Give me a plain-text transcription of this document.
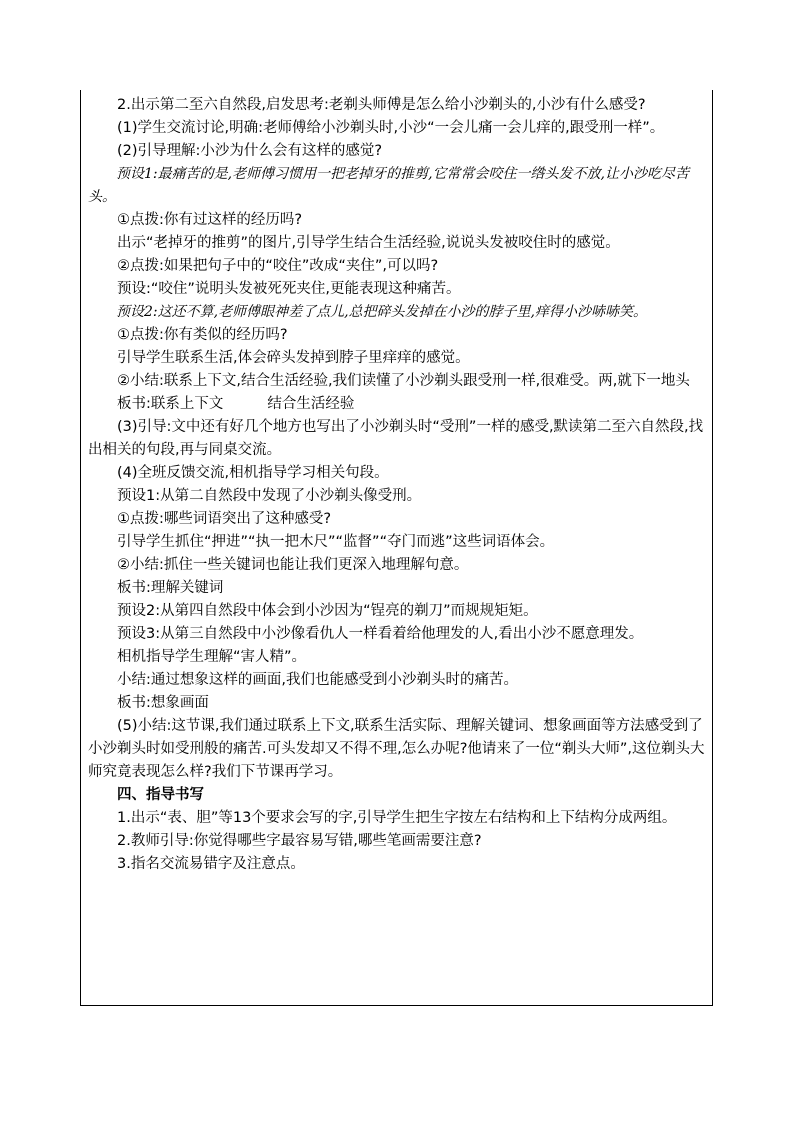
2.出示第二至六自然段,启发思考:老剃头师傅是怎么给小沙剃头的,小沙有什么感受?

(1)学生交流讨论,明确:老师傅给小沙剃头时,小沙“一会儿痛一会儿痒的,跟受刑一样”。

(2)引导理解:小沙为什么会有这样的感觉?

预设1:最痛苦的是,老师傅习惯用一把老掉牙的推剪,它常常会咬住一绺头发不放,让小沙吃尽苦头。

①点拨:你有过这样的经历吗?

出示“老掉牙的推剪”的图片,引导学生结合生活经验,说说头发被咬住时的感觉。

②点拨:如果把句子中的“咬住”改成“夹住”,可以吗?

预设:“咬住”说明头发被死死夹住,更能表现这种痛苦。

预设2:这还不算,老师傅眼神差了点儿,总把碎头发掉在小沙的脖子里,痒得小沙哧哧笑。

①点拨:你有类似的经历吗?

引导学生联系生活,体会碎头发掉到脖子里痒痒的感觉。

②小结:联系上下文,结合生活经验,我们读懂了小沙剃头跟受刑一样,很难受。两,就下一地头

板书:联系上下文	结合生活经验

(3)引导:文中还有好几个地方也写出了小沙剃头时“受刑”一样的感受,默读第二至六自然段,找出相关的句段,再与同桌交流。

(4)全班反馈交流,相机指导学习相关句段。

预设1:从第二自然段中发现了小沙剃头像受刑。

①点拨:哪些词语突出了这种感受?

引导学生抓住“押进”“执一把木尺”“监督”“夺门而逃”这些词语体会。

②小结:抓住一些关键词也能让我们更深入地理解句意。

板书:理解关键词

预设2:从第四自然段中体会到小沙因为“锃亮的剃刀”而规规矩矩。

预设3:从第三自然段中小沙像看仇人一样看着给他理发的人,看出小沙不愿意理发。

相机指导学生理解“害人精”。

小结:通过想象这样的画面,我们也能感受到小沙剃头时的痛苦。

板书:想象画面

(5)小结:这节课,我们通过联系上下文,联系生活实际、理解关键词、想象画面等方法感受到了小沙剃头时如受刑般的痛苦.可头发却又不得不理,怎么办呢?他请来了一位“剃头大师”,这位剃头大师究竟表现怎么样?我们下节课再学习。

四、指导书写

1.出示“表、胆”等13个要求会写的字,引导学生把生字按左右结构和上下结构分成两组。

2.教师引导:你觉得哪些字最容易写错,哪些笔画需要注意?

3.指名交流易错字及注意点。
